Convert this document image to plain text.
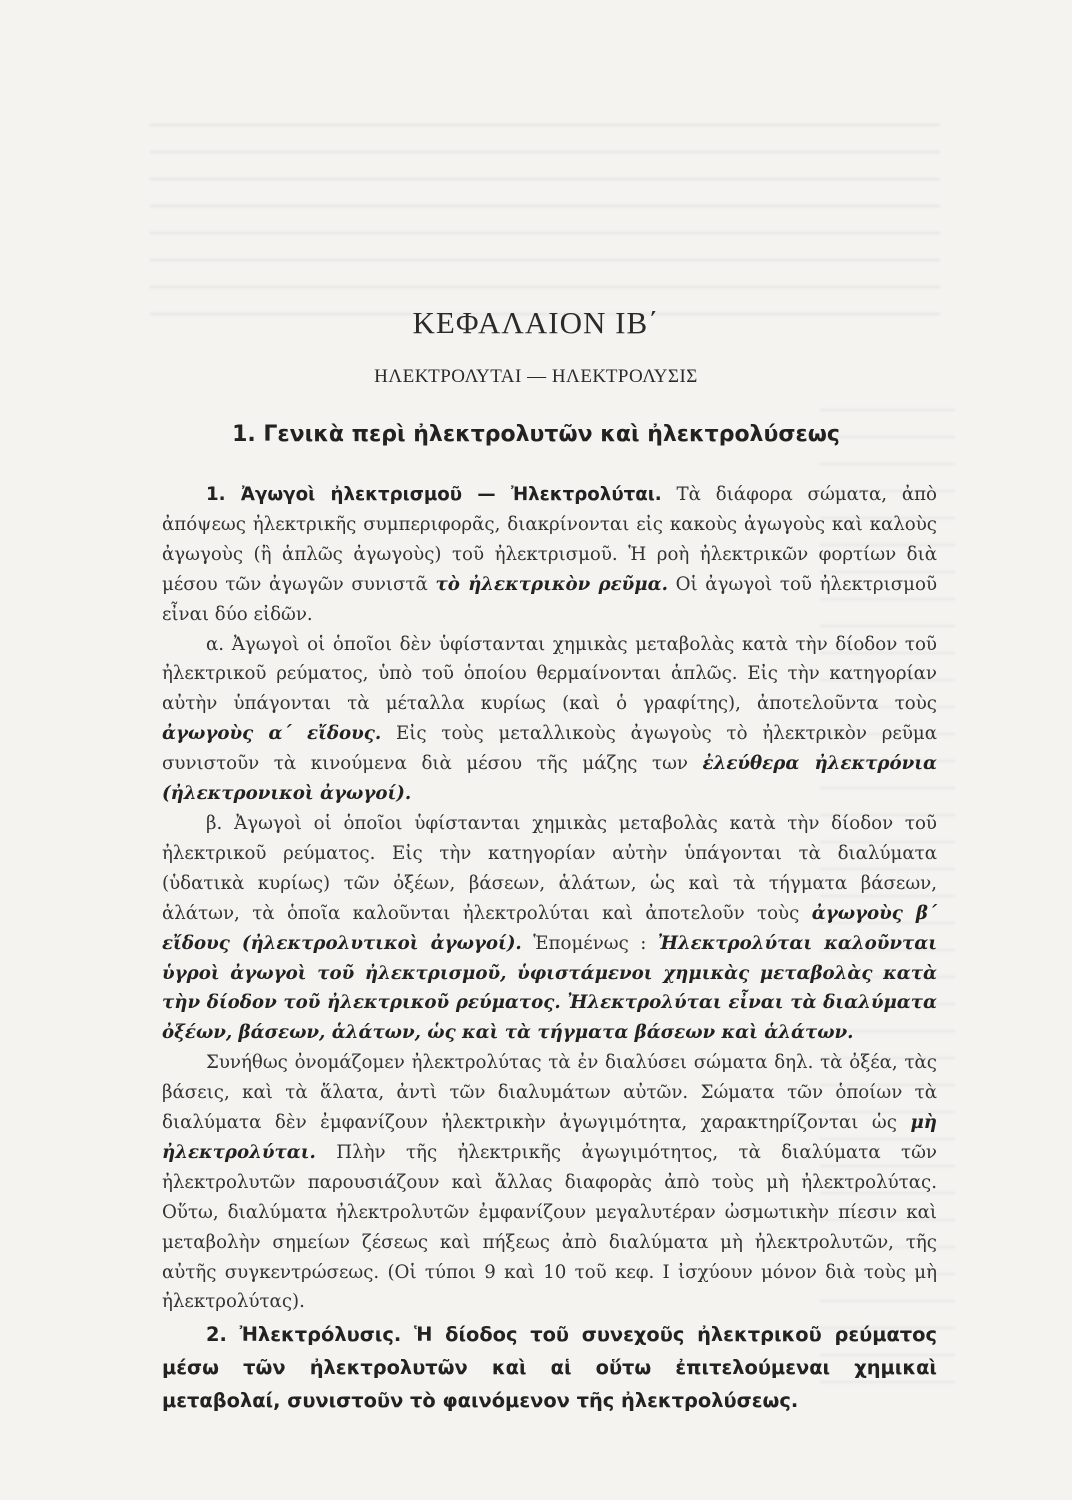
ΚΕΦΑΛΑΙΟΝ ΙΒ΄
ΗΛΕΚΤΡΟΛΥΤΑΙ — ΗΛΕΚΤΡΟΛΥΣΙΣ
1. Γενικὰ περὶ ἠλεκτρολυτῶν καὶ ἠλεκτρολύσεως

1. Ἀγωγοὶ ἠλεκτρισμοῦ — Ἠλεκτρολύται. Τὰ διάφορα σώματα, ἀπὸ ἀπόψεως ἠλεκτρικῆς συμπεριφορᾶς, διακρίνονται εἰς κακοὺς ἀγωγοὺς καὶ καλοὺς ἀγωγοὺς (ἢ ἁπλῶς ἀγωγοὺς) τοῦ ἠλεκτρισμοῦ. Ἡ ροὴ ἠλεκτρικῶν φορτίων διὰ μέσου τῶν ἀγωγῶν συνιστᾶ τὸ ἠλεκτρικὸν ρεῦμα. Οἱ ἀγωγοὶ τοῦ ἠλεκτρισμοῦ εἶναι δύο εἰδῶν.

α. Ἀγωγοὶ οἱ ὁποῖοι δὲν ὑφίστανται χημικὰς μεταβολὰς κατὰ τὴν δίοδον τοῦ ἠλεκτρικοῦ ρεύματος, ὑπὸ τοῦ ὁποίου θερμαίνονται ἁπλῶς. Εἰς τὴν κατηγορίαν αὐτὴν ὑπάγονται τὰ μέταλλα κυρίως (καὶ ὁ γραφίτης), ἀποτελοῦντα τοὺς ἀγωγοὺς α΄ εἴδους. Εἰς τοὺς μεταλλικοὺς ἀγωγοὺς τὸ ἠλεκτρικὸν ρεῦμα συνιστοῦν τὰ κινούμενα διὰ μέσου τῆς μάζης των ἐλεύθερα ἠλεκτρόνια (ἠλεκτρονικοὶ ἀγωγοί).

β. Ἀγωγοὶ οἱ ὁποῖοι ὑφίστανται χημικὰς μεταβολὰς κατὰ τὴν δίοδον τοῦ ἠλεκτρικοῦ ρεύματος. Εἰς τὴν κατηγορίαν αὐτὴν ὑπάγονται τὰ διαλύματα (ὑδατικὰ κυρίως) τῶν ὀξέων, βάσεων, ἁλάτων, ὡς καὶ τὰ τήγματα βάσεων, ἁλάτων, τὰ ὁποῖα καλοῦνται ἠλεκτρολύται καὶ ἀποτελοῦν τοὺς ἀγωγοὺς β΄ εἴδους (ἠλεκτρολυτικοὶ ἀγωγοί). Ἑπομένως : Ἠλεκτρολύται καλοῦνται ὑγροὶ ἀγωγοὶ τοῦ ἠλεκτρισμοῦ, ὑφιστάμενοι χημικὰς μεταβολὰς κατὰ τὴν δίοδον τοῦ ἠλεκτρικοῦ ρεύματος. Ἠλεκτρολύται εἶναι τὰ διαλύματα ὀξέων, βάσεων, ἁλάτων, ὡς καὶ τὰ τήγματα βάσεων καὶ ἁλάτων.

Συνήθως ὀνομάζομεν ἠλεκτρολύτας τὰ ἐν διαλύσει σώματα δηλ. τὰ ὀξέα, τὰς βάσεις, καὶ τὰ ἅλατα, ἀντὶ τῶν διαλυμάτων αὐτῶν. Σώματα τῶν ὁποίων τὰ διαλύματα δὲν ἐμφανίζουν ἠλεκτρικὴν ἀγωγιμότητα, χαρακτηρίζονται ὡς μὴ ἠλεκτρολύται. Πλὴν τῆς ἠλεκτρικῆς ἀγωγιμότητος, τὰ διαλύματα τῶν ἠλεκτρολυτῶν παρουσιάζουν καὶ ἄλλας διαφορὰς ἀπὸ τοὺς μὴ ἠλεκτρολύτας. Οὕτω, διαλύματα ἠλεκτρολυτῶν ἐμφανίζουν μεγαλυτέραν ὠσμωτικὴν πίεσιν καὶ μεταβολὴν σημείων ζέσεως καὶ πήξεως ἀπὸ διαλύματα μὴ ἠλεκτρολυτῶν, τῆς αὐτῆς συγκεντρώσεως. (Οἱ τύποι 9 καὶ 10 τοῦ κεφ. Ι ἰσχύουν μόνον διὰ τοὺς μὴ ἠλεκτρολύτας).

2. Ἠλεκτρόλυσις. Ἡ δίοδος τοῦ συνεχοῦς ἠλεκτρικοῦ ρεύματος μέσω τῶν ἠλεκτρολυτῶν καὶ αἱ οὕτω ἐπιτελούμεναι χημικαὶ μεταβολαί, συνιστοῦν τὸ φαινόμενον τῆς ἠλεκτρολύσεως.
